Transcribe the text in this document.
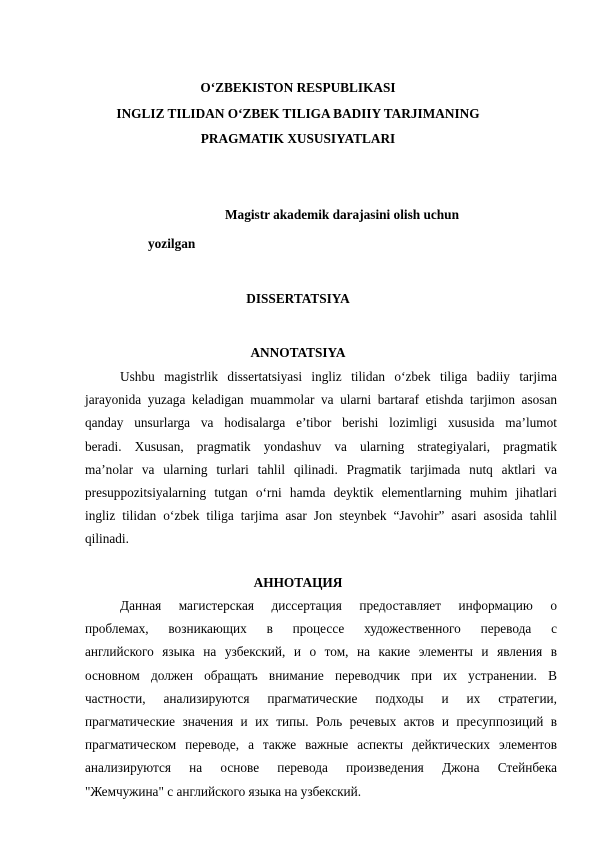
O‘ZBEKISTON RESPUBLIKASI
INGLIZ TILIDAN O‘ZBEK TILIGA BADIIY TARJIMANING
PRAGMATIK XUSUSIYATLARI
Magistr akademik darajasini olish uchun
yozilgan
DISSERTATSIYA
ANNOTATSIYA
Ushbu magistrlik dissertatsiyasi ingliz tilidan o‘zbek tiliga badiiy tarjima
jarayonida yuzaga keladigan muammolar va ularni bartaraf etishda tarjimon asosan
qanday unsurlarga va hodisalarga e’tibor berishi lozimligi xususida ma’lumot
beradi. Xususan, pragmatik yondashuv va ularning strategiyalari, pragmatik
ma’nolar va ularning turlari tahlil qilinadi. Pragmatik tarjimada nutq aktlari va
presuppozitsiyalarning tutgan o‘rni hamda deyktik elementlarning muhim jihatlari
ingliz tilidan o‘zbek tiliga tarjima asar Jon steynbek “Javohir” asari asosida tahlil
qilinadi.
АННОТАЦИЯ
Данная магистерская диссертация предоставляет информацию о
проблемах, возникающих в процессе художественного перевода с
английского языка на узбекский, и о том, на какие элементы и явления в
основном должен обращать внимание переводчик при их устранении. В
частности, анализируются прагматические подходы и их стратегии,
прагматические значения и их типы. Роль речевых актов и пресуппозиций в
прагматическом переводе, а также важные аспекты дейктических элементов
анализируются на основе перевода произведения Джона Стейнбека
"Жемчужина" с английского языка на узбекский.
